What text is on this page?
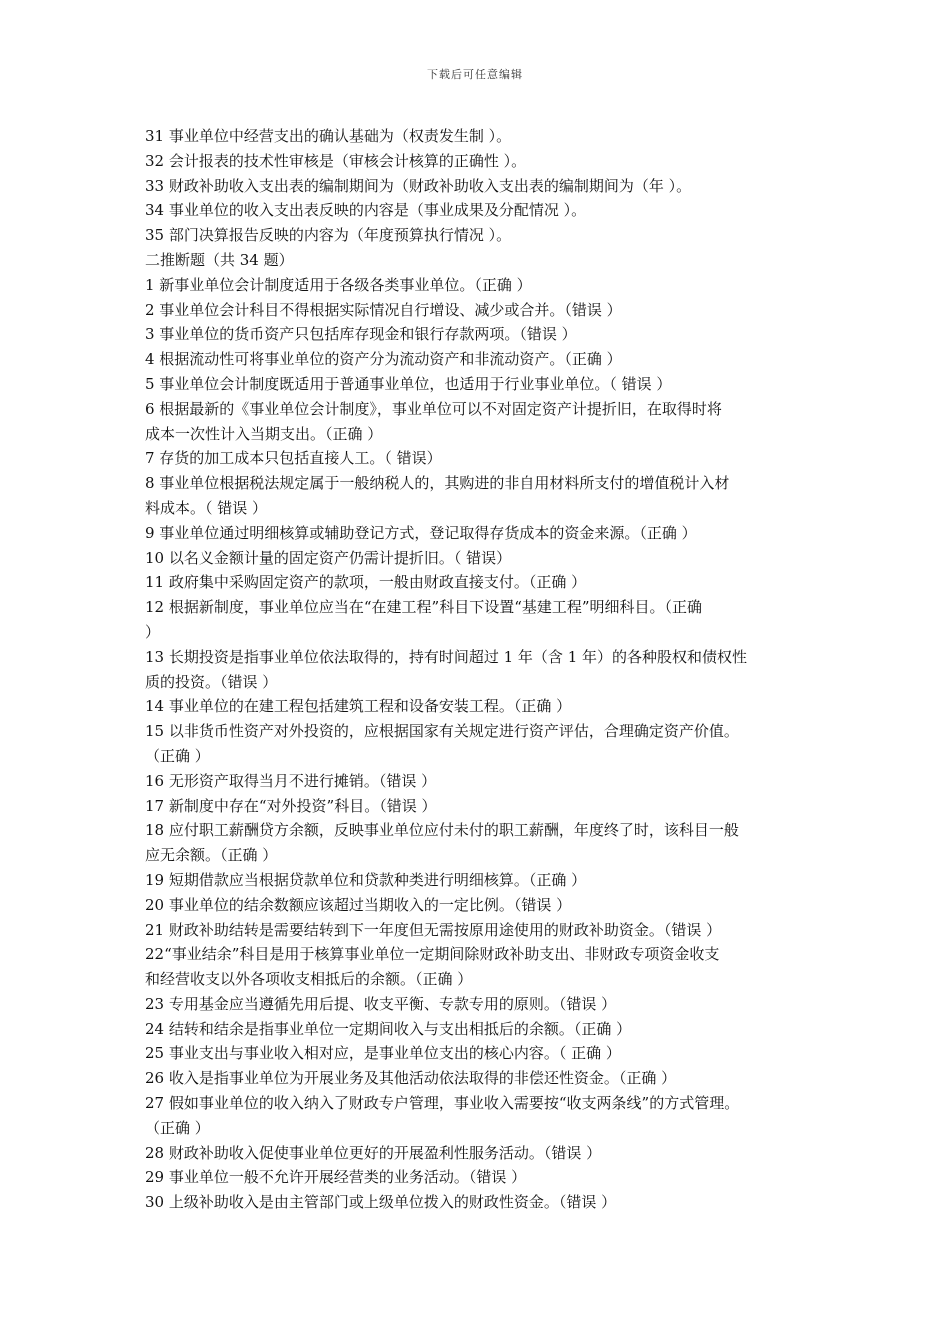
下载后可任意编辑

31 事业单位中经营支出的确认基础为（权责发生制 ）。

32 会计报表的技术性审核是（审核会计核算的正确性 ）。

33 财政补助收入支出表的编制期间为（财政补助收入支出表的编制期间为（年 ）。

34 事业单位的收入支出表反映的内容是（事业成果及分配情况 ）。

35 部门决算报告反映的内容为（年度预算执行情况 ）。

二推断题（共 34 题）

1 新事业单位会计制度适用于各级各类事业单位。（正确 ）

2 事业单位会计科目不得根据实际情况自行增设、减少或合并。（错误 ）

3 事业单位的货币资产只包括库存现金和银行存款两项。（错误 ）

4 根据流动性可将事业单位的资产分为流动资产和非流动资产。（正确 ）

5 事业单位会计制度既适用于普通事业单位，也适用于行业事业单位。（ 错误 ）

6 根据最新的《事业单位会计制度》，事业单位可以不对固定资产计提折旧，在取得时将

成本一次性计入当期支出。（正确 ）

7 存货的加工成本只包括直接人工。（ 错误）

8 事业单位根据税法规定属于一般纳税人的，其购进的非自用材料所支付的增值税计入材

料成本。（ 错误 ）

9 事业单位通过明细核算或辅助登记方式，登记取得存货成本的资金来源。（正确 ）

10 以名义金额计量的固定资产仍需计提折旧。（ 错误）

11 政府集中采购固定资产的款项，一般由财政直接支付。（正确 ）

12 根据新制度，事业单位应当在“在建工程”科目下设置“基建工程”明细科目。（正确

）

13 长期投资是指事业单位依法取得的，持有时间超过 1 年（含 1 年）的各种股权和债权性

质的投资。（错误 ）

14 事业单位的在建工程包括建筑工程和设备安装工程。（正确 ）

15 以非货币性资产对外投资的，应根据国家有关规定进行资产评估，合理确定资产价值。

（正确 ）

16 无形资产取得当月不进行摊销。（错误 ）

17 新制度中存在“对外投资”科目。（错误 ）

18 应付职工薪酬贷方余额，反映事业单位应付未付的职工薪酬，年度终了时，该科目一般

应无余额。（正确 ）

19 短期借款应当根据贷款单位和贷款种类进行明细核算。（正确 ）

20 事业单位的结余数额应该超过当期收入的一定比例。（错误 ）

21 财政补助结转是需要结转到下一年度但无需按原用途使用的财政补助资金。（错误 ）

22“事业结余”科目是用于核算事业单位一定期间除财政补助支出、非财政专项资金收支

和经营收支以外各项收支相抵后的余额。（正确 ）

23 专用基金应当遵循先用后提、收支平衡、专款专用的原则。（错误 ）

24 结转和结余是指事业单位一定期间收入与支出相抵后的余额。（正确 ）

25 事业支出与事业收入相对应，是事业单位支出的核心内容。（ 正确 ）

26 收入是指事业单位为开展业务及其他活动依法取得的非偿还性资金。（正确 ）

27 假如事业单位的收入纳入了财政专户管理，事业收入需要按“收支两条线”的方式管理。

（正确 ）

28 财政补助收入促使事业单位更好的开展盈利性服务活动。（错误 ）

29 事业单位一般不允许开展经营类的业务活动。（错误 ）

30 上级补助收入是由主管部门或上级单位拨入的财政性资金。（错误 ）
